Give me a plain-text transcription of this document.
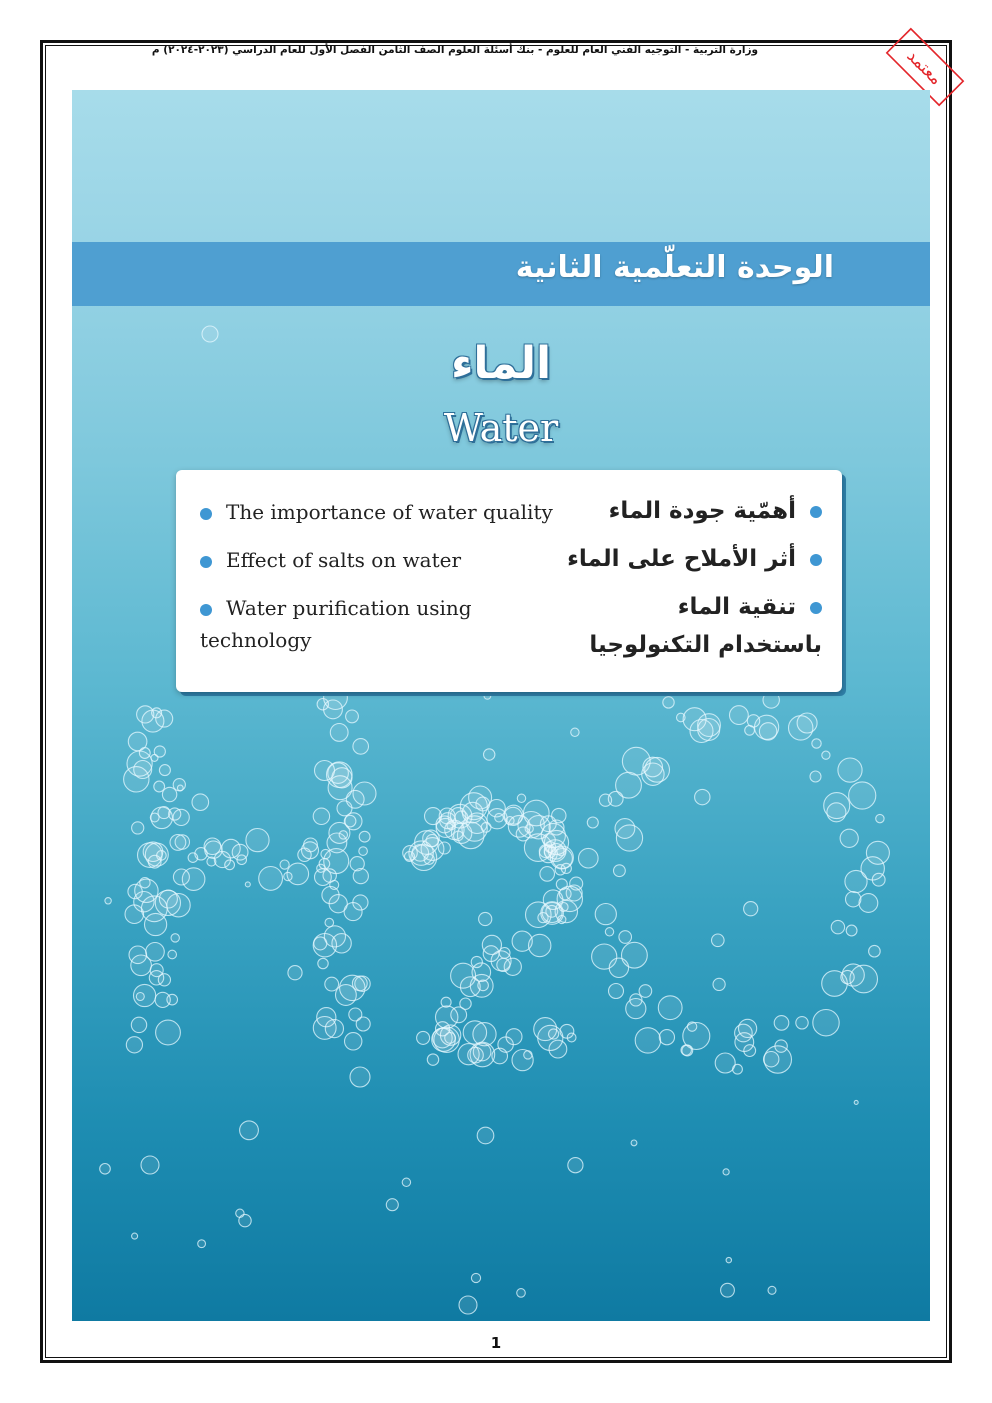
وزارة التربية - التوجيه الفني العام للعلوم - بنك أسئلة العلوم الصف الثامن الفصل الأول للعام الدراسي (٢٠٢٣-٢٠٢٤) م	معتمد
الوحدة التعلّمية الثانية
الماء
Water
The importance of water quality
Effect of salts on water
Water purification using technology
أهمّية جودة الماء
أثر الأملاح على الماء
تنقية الماء باستخدام التكنولوجيا
1
